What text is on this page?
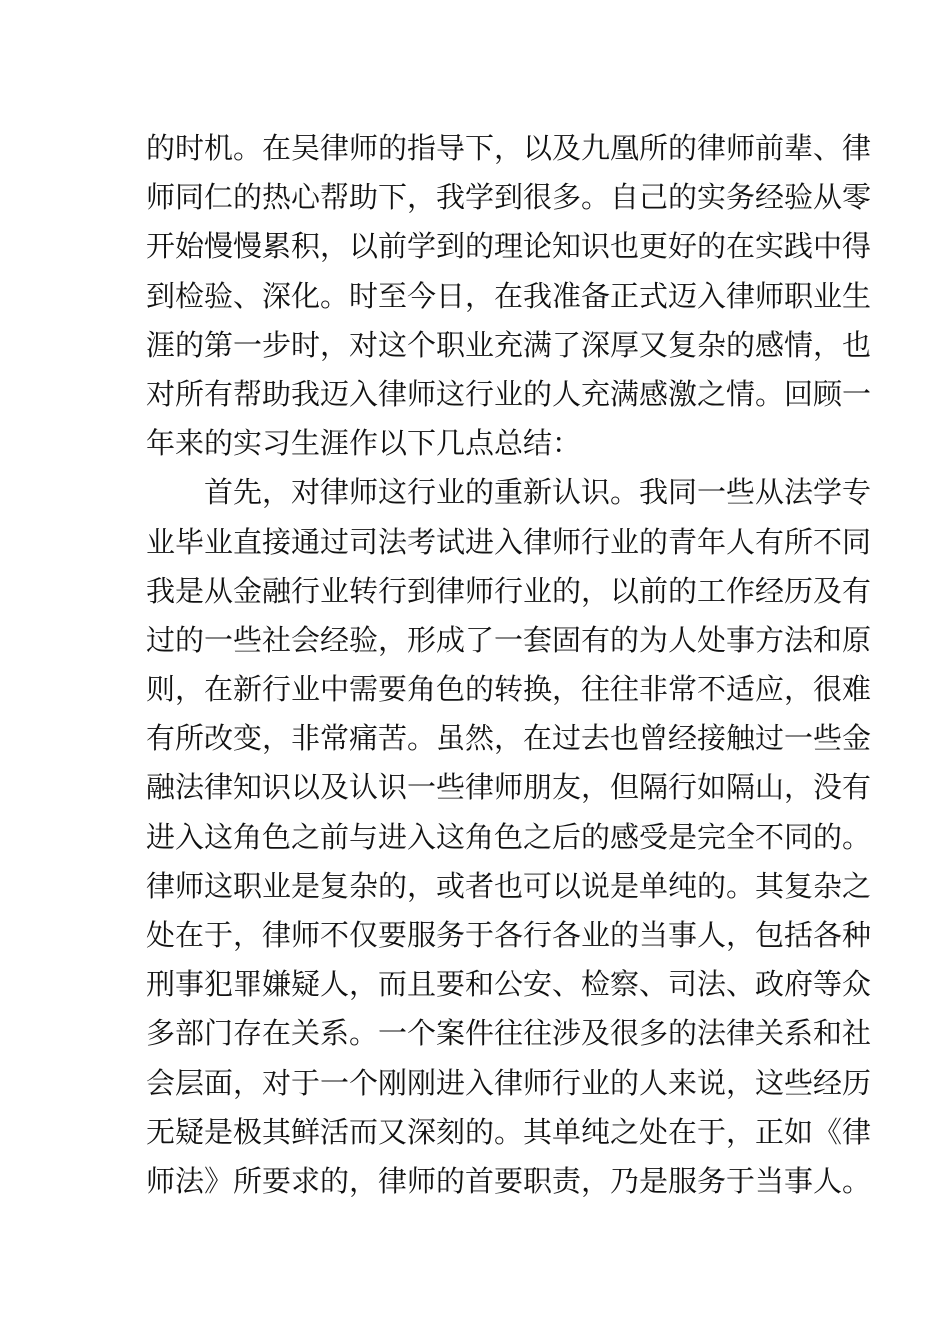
的时机。在吴律师的指导下，以及九凰所的律师前辈、律
师同仁的热心帮助下，我学到很多。自己的实务经验从零
开始慢慢累积，以前学到的理论知识也更好的在实践中得
到检验、深化。时至今日，在我准备正式迈入律师职业生
涯的第一步时，对这个职业充满了深厚又复杂的感情，也
对所有帮助我迈入律师这行业的人充满感激之情。回顾一
年来的实习生涯作以下几点总结：
首先，对律师这行业的重新认识。我同一些从法学专
业毕业直接通过司法考试进入律师行业的青年人有所不同
我是从金融行业转行到律师行业的，以前的工作经历及有
过的一些社会经验，形成了一套固有的为人处事方法和原
则，在新行业中需要角色的转换，往往非常不适应，很难
有所改变，非常痛苦。虽然，在过去也曾经接触过一些金
融法律知识以及认识一些律师朋友，但隔行如隔山，没有
进入这角色之前与进入这角色之后的感受是完全不同的。
律师这职业是复杂的，或者也可以说是单纯的。其复杂之
处在于，律师不仅要服务于各行各业的当事人，包括各种
刑事犯罪嫌疑人，而且要和公安、检察、司法、政府等众
多部门存在关系。一个案件往往涉及很多的法律关系和社
会层面，对于一个刚刚进入律师行业的人来说，这些经历
无疑是极其鲜活而又深刻的。其单纯之处在于，正如《律
师法》所要求的，律师的首要职责，乃是服务于当事人。
